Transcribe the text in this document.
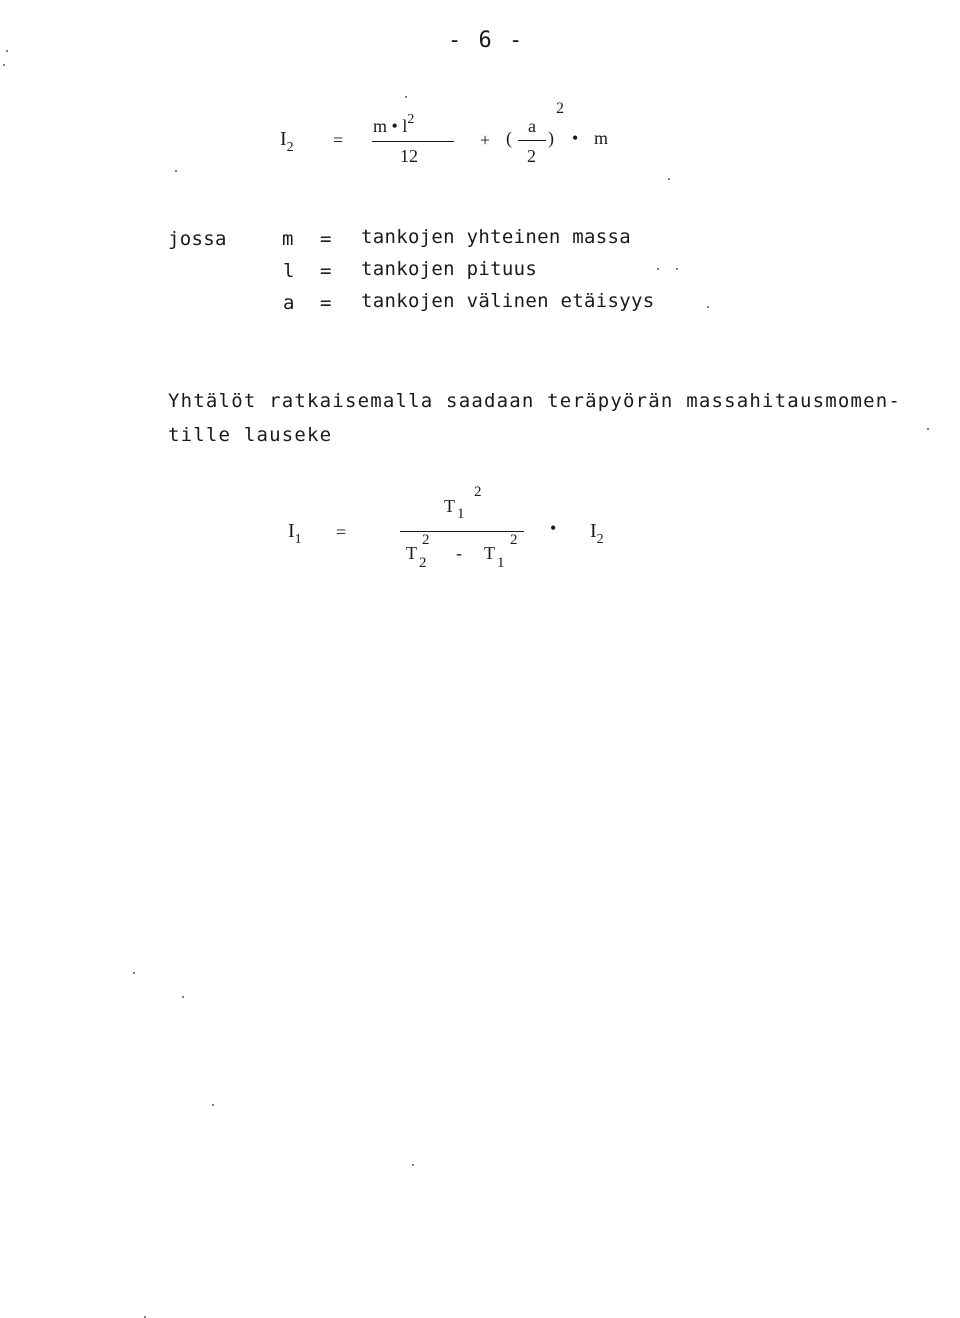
- 6 -
$I_2$ =
m • $l^2$
12
+ (
a
)
2
2
• m
jossa	m = tankojen yhteinen massa
l = tankojen pituus
a = tankojen välinen etäisyys
Yhtälöt ratkaisemalla saadaan teräpyörän massahitausmomen-
tille lauseke
$I_1$ =
T 1
2
T 2
2
- T 1
2
• $I_2$
